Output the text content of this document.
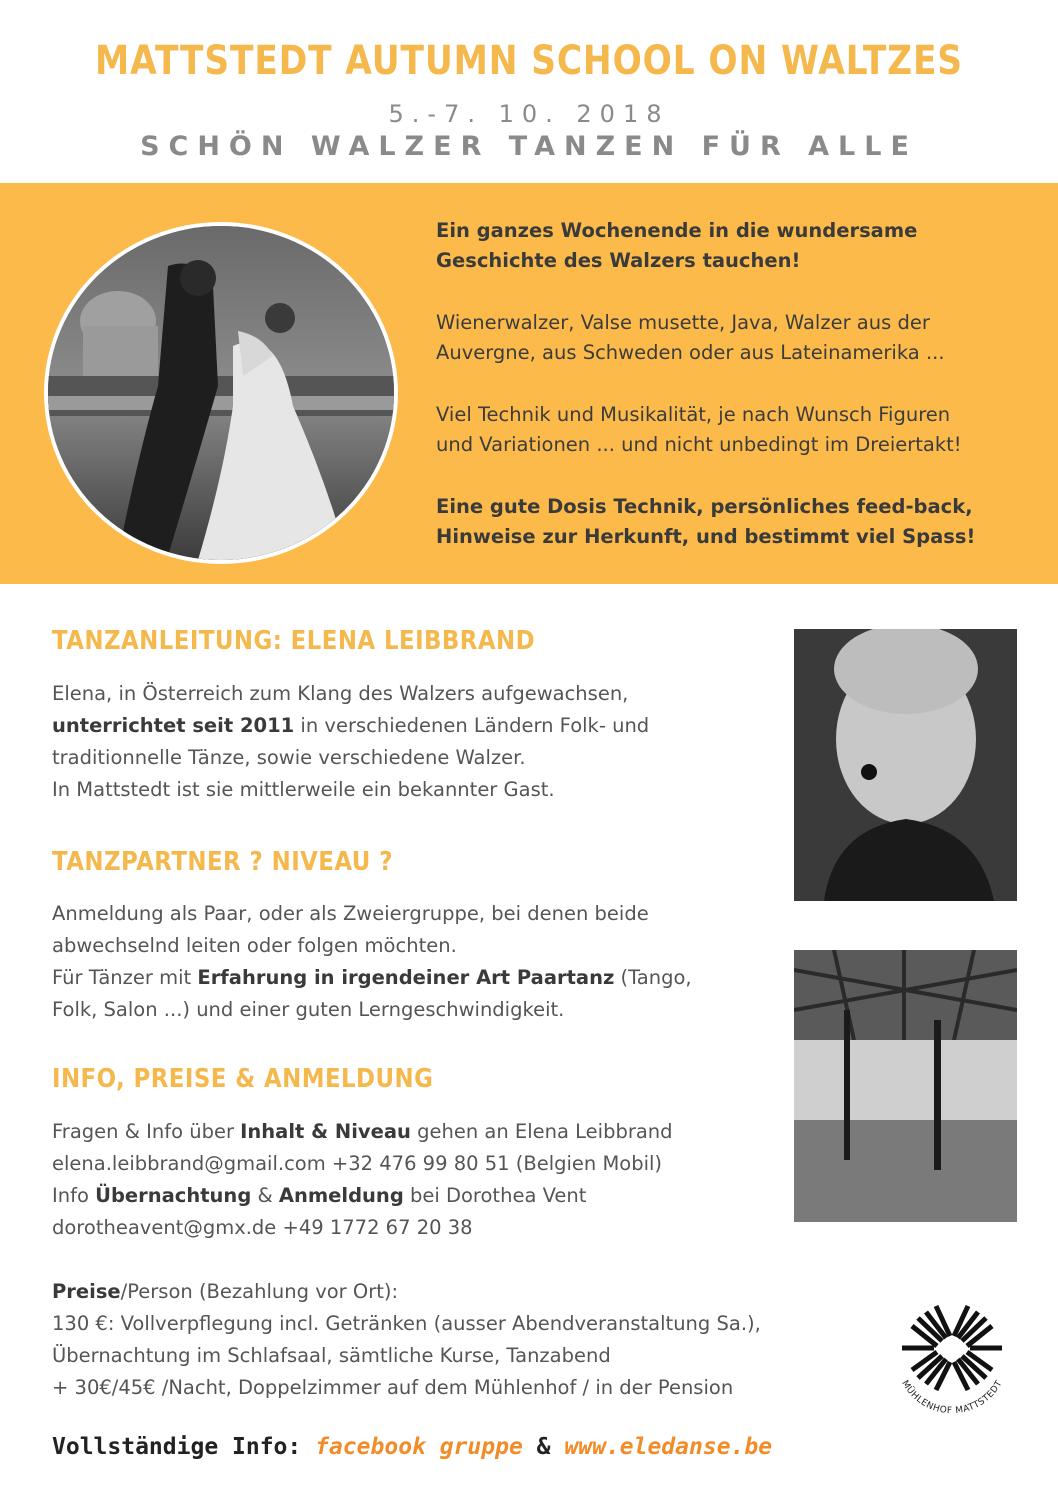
MATTSTEDT AUTUMN SCHOOL ON WALTZES
5.-7. 10. 2018
SCHÖN WALZER TANZEN FÜR ALLE

Ein ganzes Wochenende in die wundersame
Geschichte des Walzers tauchen!

Wienerwalzer, Valse musette, Java, Walzer aus der
Auvergne, aus Schweden oder aus Lateinamerika ...

Viel Technik und Musikalität, je nach Wunsch Figuren
und Variationen ... und nicht unbedingt im Dreiertakt!

Eine gute Dosis Technik, persönliches feed-back,
Hinweise zur Herkunft, und bestimmt viel Spass!

TANZANLEITUNG: ELENA LEIBBRAND
Elena, in Österreich zum Klang des Walzers aufgewachsen,
unterrichtet seit 2011 in verschiedenen Ländern Folk- und
traditionnelle Tänze, sowie verschiedene Walzer.
In Mattstedt ist sie mittlerweile ein bekannter Gast.
TANZPARTNER ? NIVEAU ?
Anmeldung als Paar, oder als Zweiergruppe, bei denen beide
abwechselnd leiten oder folgen möchten.
Für Tänzer mit Erfahrung in irgendeiner Art Paartanz (Tango,
Folk, Salon ...) und einer guten Lerngeschwindigkeit.
INFO, PREISE & ANMELDUNG
Fragen & Info über Inhalt & Niveau gehen an Elena Leibbrand
elena.leibbrand@gmail.com +32 476 99 80 51 (Belgien Mobil)
Info Übernachtung & Anmeldung bei Dorothea Vent
dorotheavent@gmx.de +49 1772 67 20 38
Preise/Person (Bezahlung vor Ort):
130 €: Vollverpflegung incl. Getränken (ausser Abendveranstaltung Sa.),
Übernachtung im Schlafsaal, sämtliche Kurse, Tanzabend
+ 30€/45€ /Nacht, Doppelzimmer auf dem Mühlenhof / in der Pension	MÜHLENHOF MATTSTEDT
Vollständige Info: facebook gruppe & www.eledanse.be
